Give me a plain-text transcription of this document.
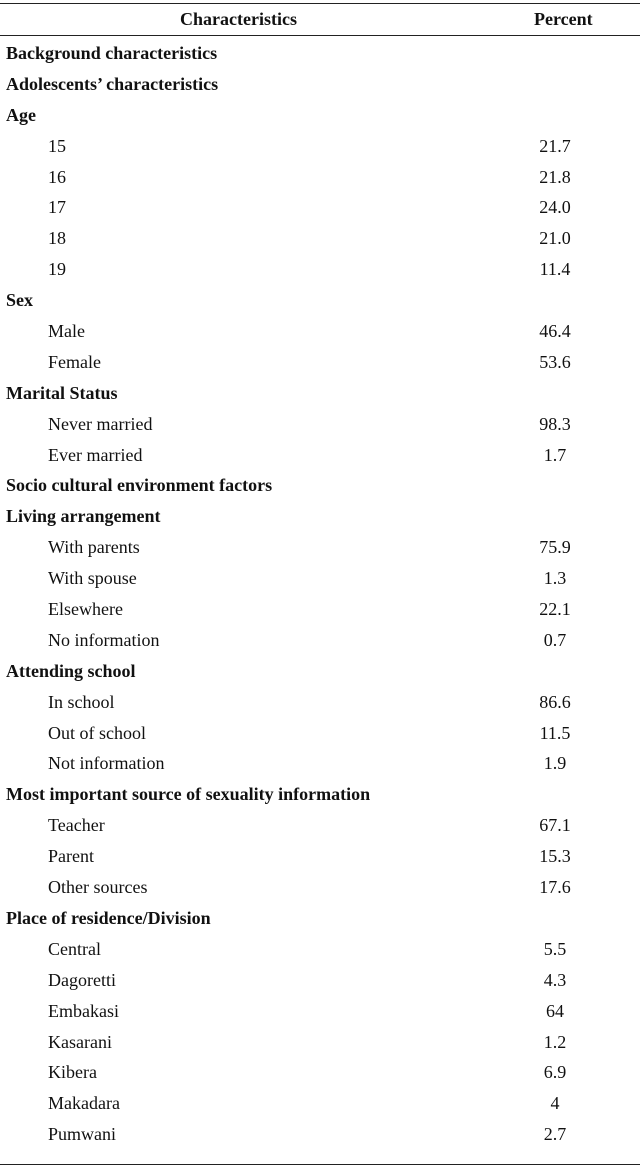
Characteristics	Percent
Background characteristics
Adolescents’ characteristics
Age
15	21.7
16	21.8
17	24.0
18	21.0
19	11.4
Sex
Male	46.4
Female	53.6
Marital Status
Never married	98.3
Ever married	1.7
Socio cultural environment factors
Living arrangement
With parents	75.9
With spouse	1.3
Elsewhere	22.1
No information	0.7
Attending school
In school	86.6
Out of school	11.5
Not information	1.9
Most important source of sexuality information
Teacher	67.1
Parent	15.3
Other sources	17.6
Place of residence/Division
Central	5.5
Dagoretti	4.3
Embakasi	64
Kasarani	1.2
Kibera	6.9
Makadara	4
Pumwani	2.7
